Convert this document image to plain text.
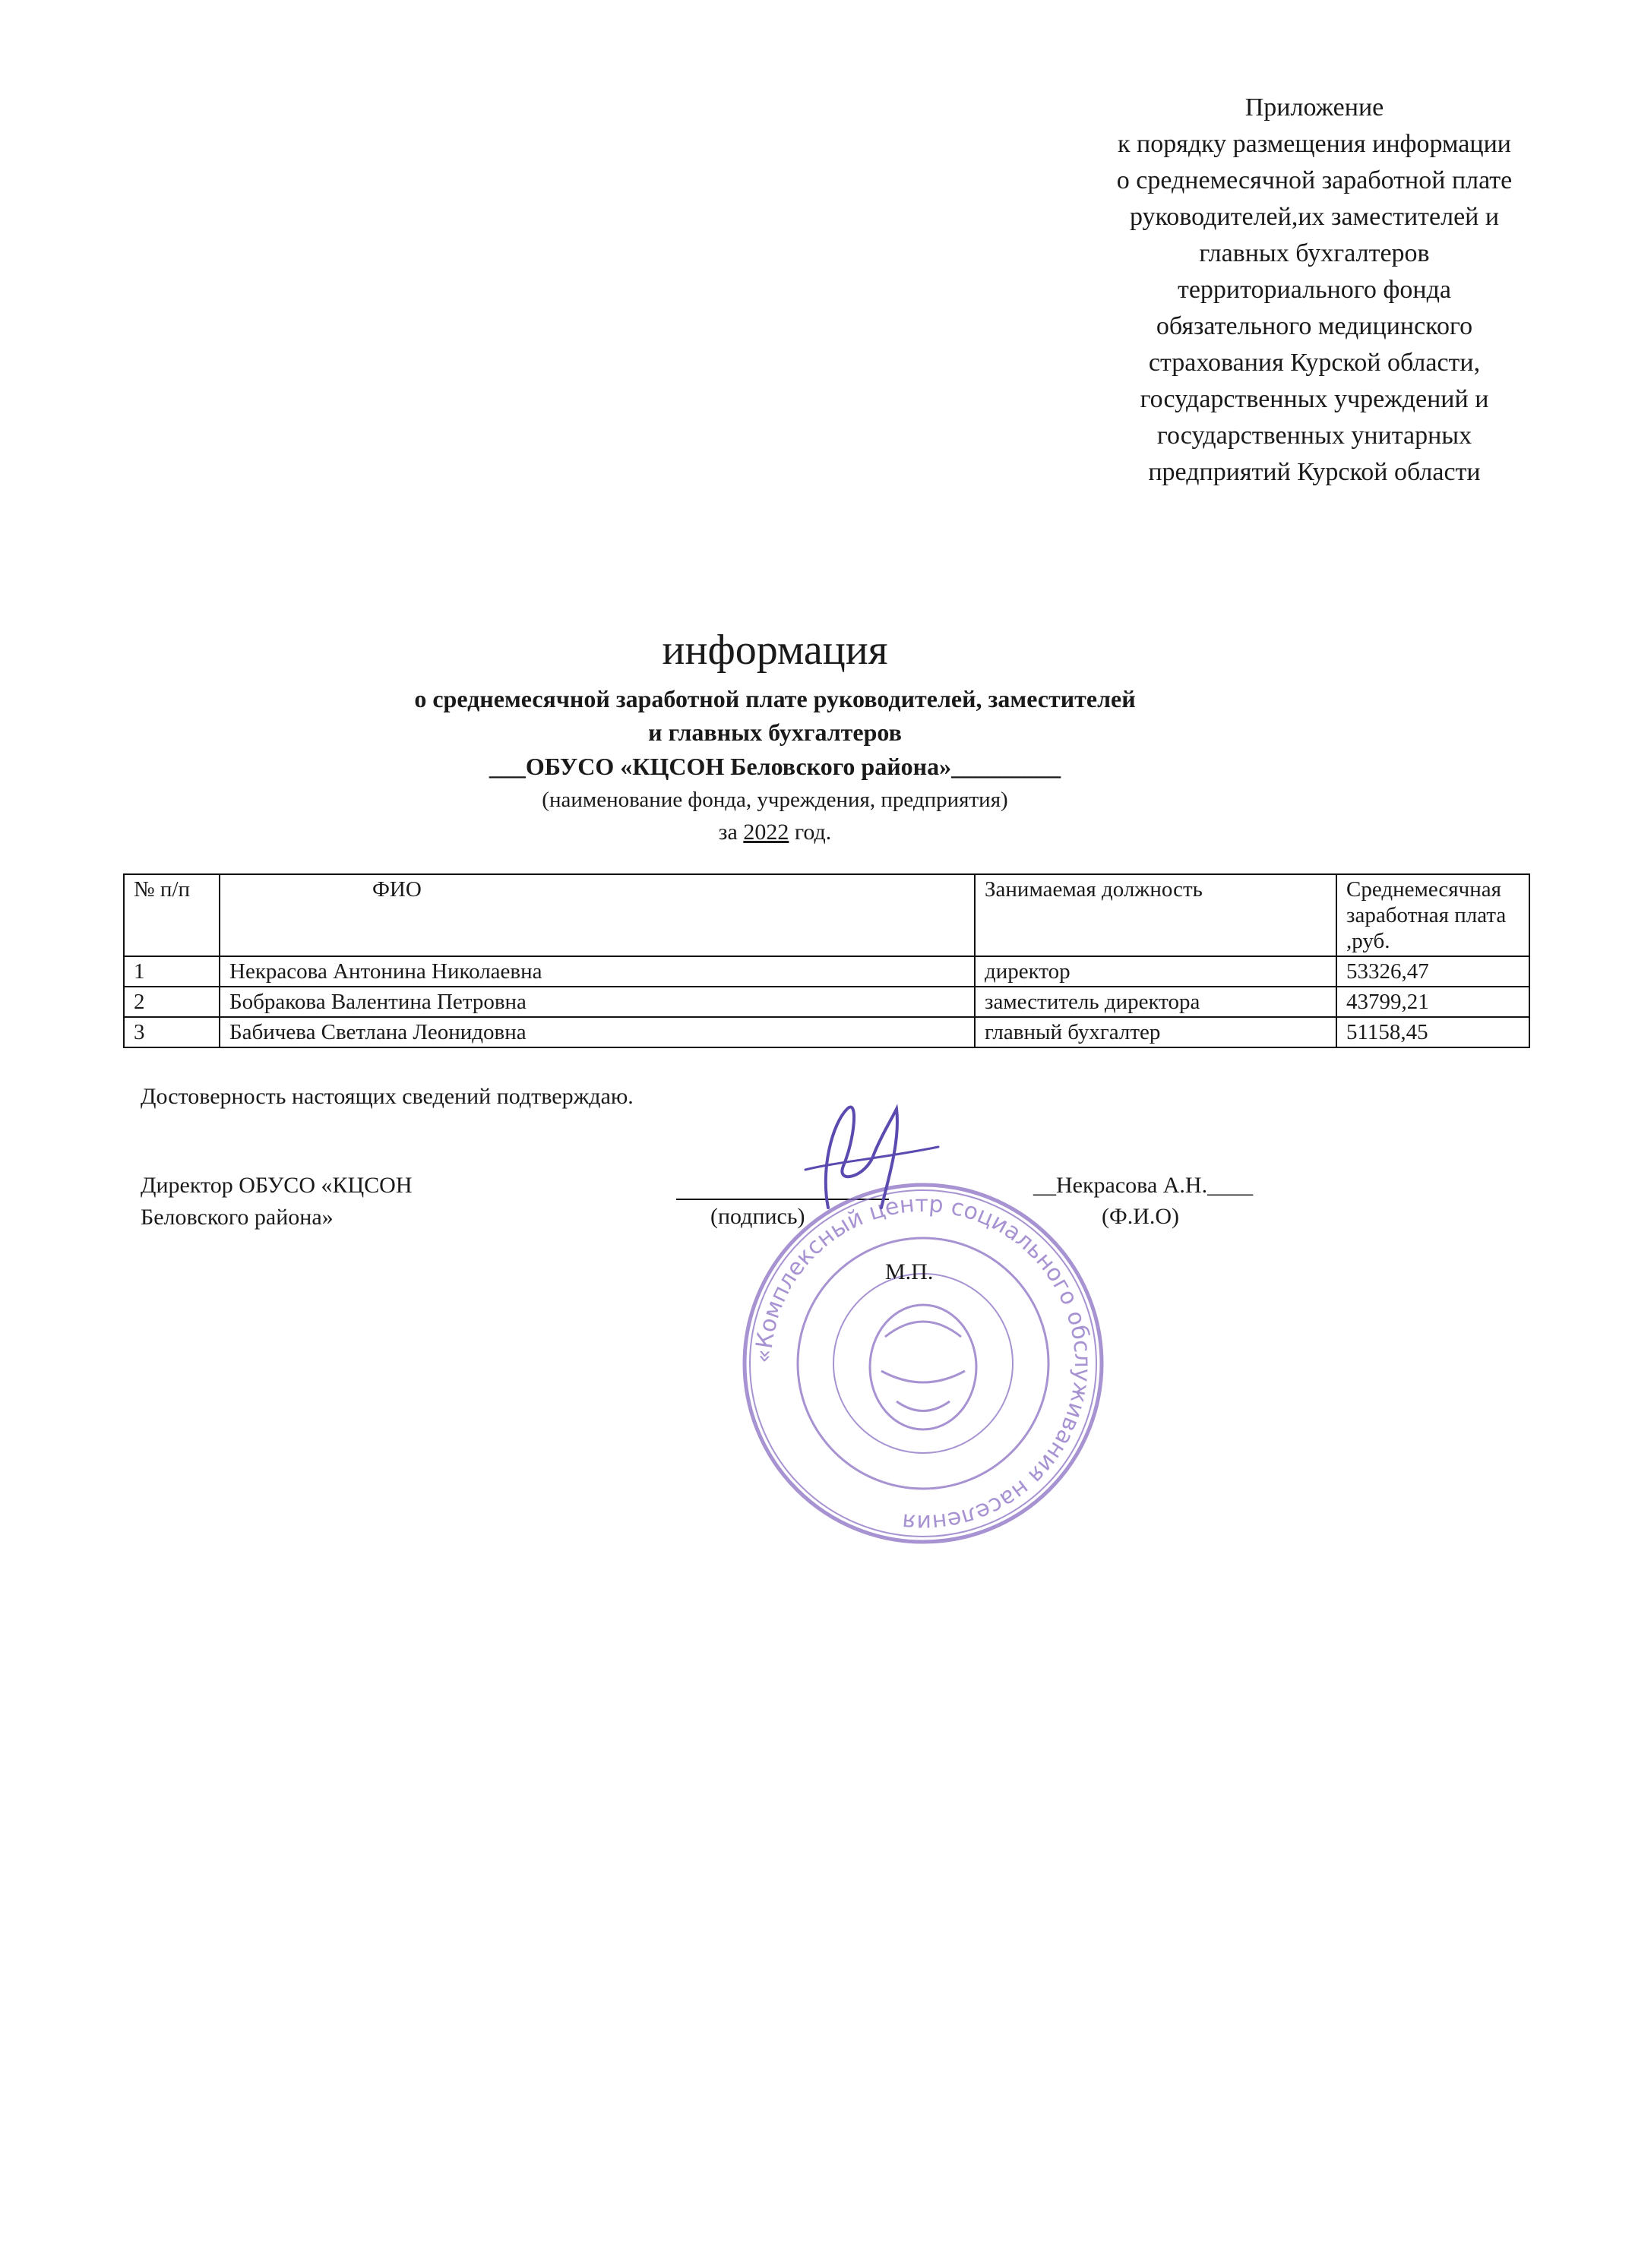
Приложение
к порядку размещения информации
о среднемесячной заработной плате
руководителей,их заместителей и
главных бухгалтеров
территориального фонда
обязательного медицинского
страхования Курской области,
государственных учреждений и
государственных унитарных
предприятий Курской области
информация
о среднемесячной заработной плате руководителей, заместителей
и главных бухгалтеров
___ОБУСО «КЦСОН Беловского района»_________
(наименование фонда, учреждения, предприятия)
за 2022 год.
№ п/п	ФИО	Занимаемая должность	Среднемесячная заработная плата ,руб.
1	Некрасова Антонина Николаевна	директор	53326,47
2	Бобракова Валентина Петровна	заместитель директора	43799,21
3	Бабичева Светлана Леонидовна	главный бухгалтер	51158,45
Достоверность настоящих сведений подтверждаю.
Директор ОБУСО «КЦСОН
Беловского района»	(подпись)
__Некрасова А.Н.____
(Ф.И.О)
«Комплексный центр социального обслуживания населения
М.П.
